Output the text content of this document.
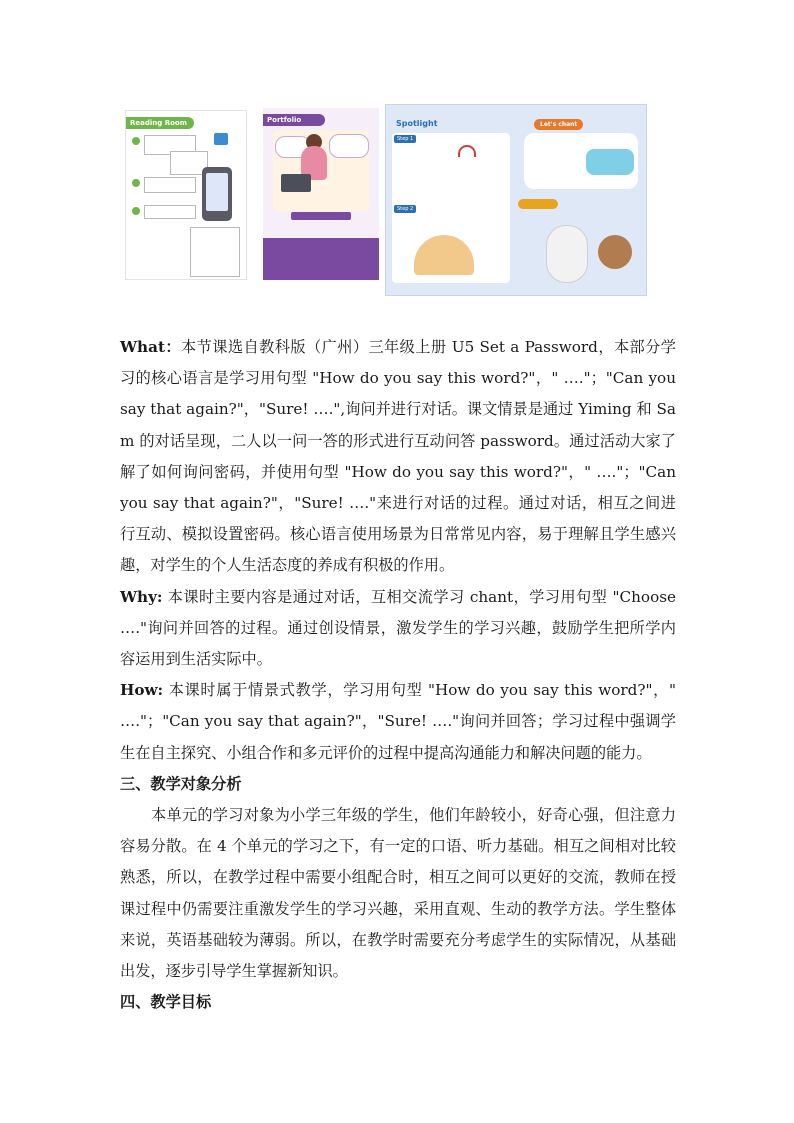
Reading Room	Portfolio	Spotlight
Step 1
Step 2
Let's chant

What：本节课选自教科版（广州）三年级上册 U5 Set a Password，本部分学习的核心语言是学习用句型 "How do you say this word?"，" …."；"Can you say that again?"，"Sure! ….",询问并进行对话。课文情景是通过 Yiming 和 Sam 的对话呈现，二人以一问一答的形式进行互动问答 password。通过活动大家了解了如何询问密码，并使用句型 "How do you say this word?"，" …."；"Can you say that again?"，"Sure! …."来进行对话的过程。通过对话，相互之间进行互动、模拟设置密码。核心语言使用场景为日常常见内容，易于理解且学生感兴趣，对学生的个人生活态度的养成有积极的作用。

Why: 本课时主要内容是通过对话，互相交流学习 chant，学习用句型 "Choose …."询问并回答的过程。通过创设情景，激发学生的学习兴趣，鼓励学生把所学内容运用到生活实际中。

How: 本课时属于情景式教学，学习用句型 "How do you say this word?"，" …."；"Can you say that again?"，"Sure! …."询问并回答；学习过程中强调学生在自主探究、小组合作和多元评价的过程中提高沟通能力和解决问题的能力。

三、教学对象分析

本单元的学习对象为小学三年级的学生，他们年龄较小，好奇心强，但注意力容易分散。在 4 个单元的学习之下，有一定的口语、听力基础。相互之间相对比较熟悉，所以，在教学过程中需要小组配合时，相互之间可以更好的交流，教师在授课过程中仍需要注重激发学生的学习兴趣，采用直观、生动的教学方法。学生整体来说，英语基础较为薄弱。所以，在教学时需要充分考虑学生的实际情况，从基础出发，逐步引导学生掌握新知识。

四、教学目标
